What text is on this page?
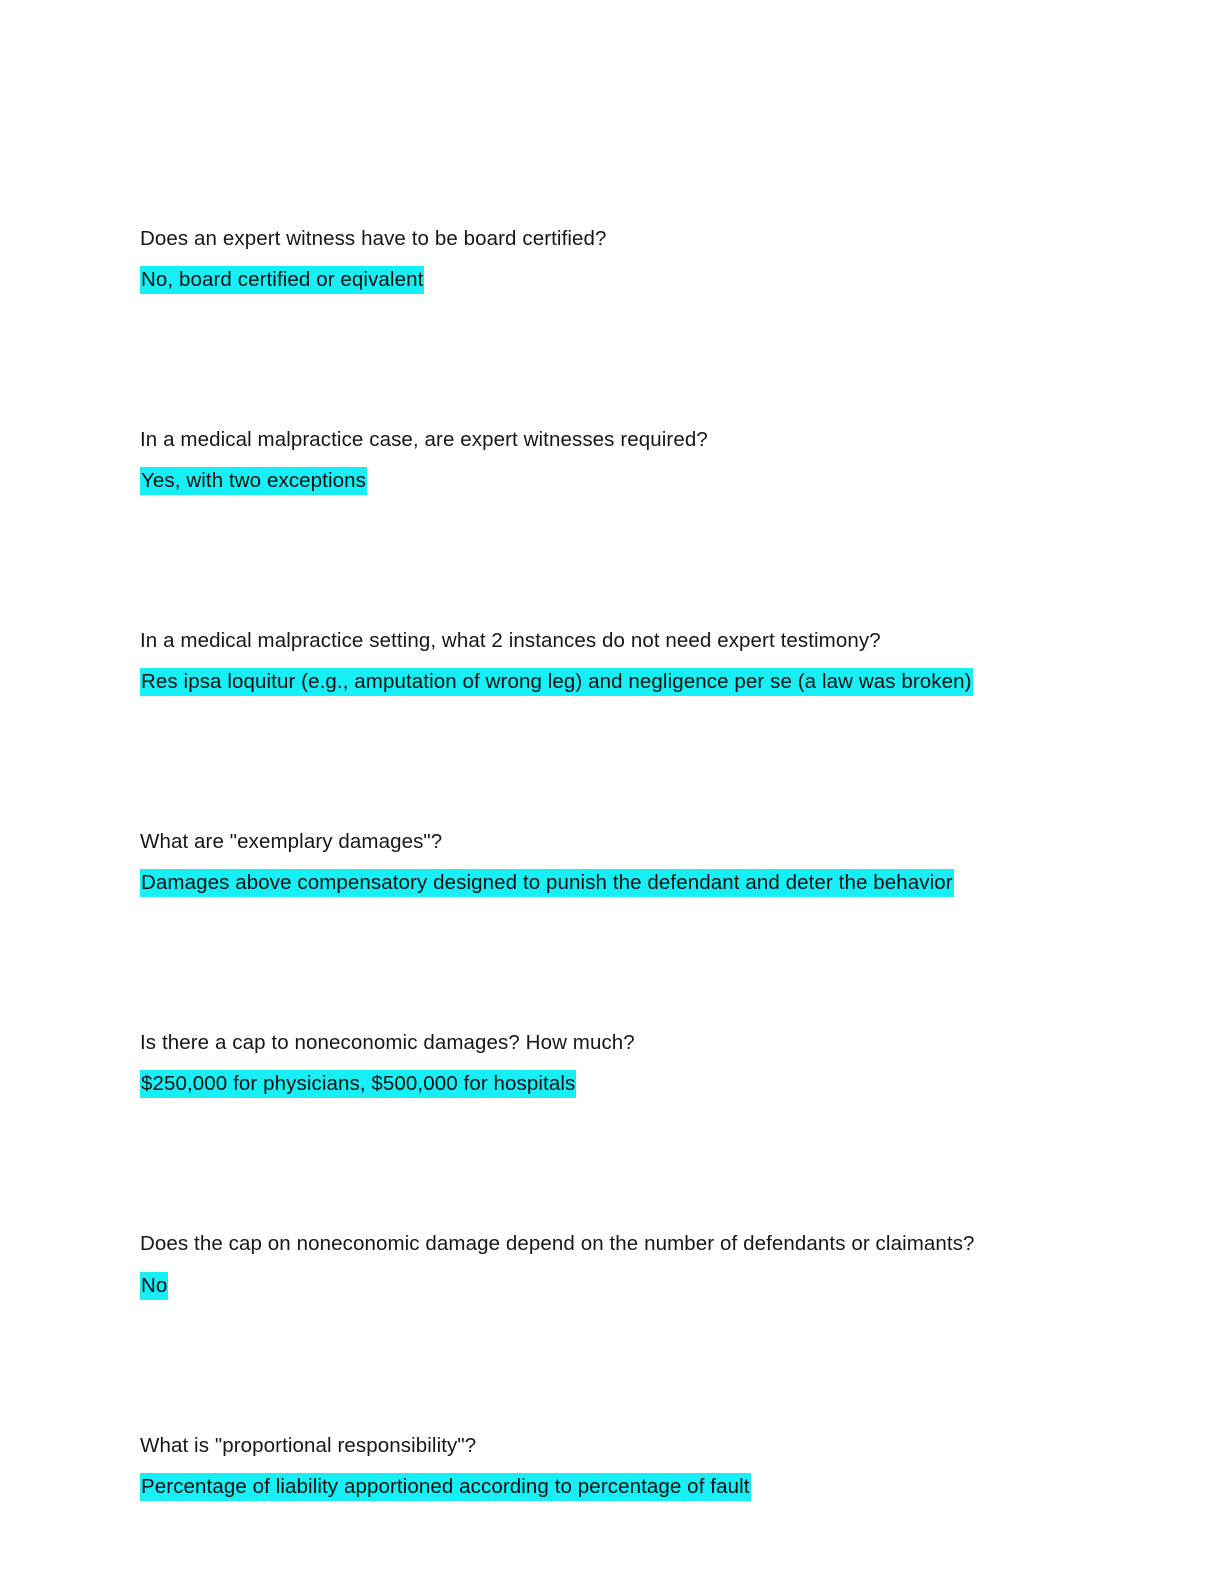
Does an expert witness have to be board certified?

No, board certified or eqivalent

In a medical malpractice case, are expert witnesses required?

Yes, with two exceptions

In a medical malpractice setting, what 2 instances do not need expert testimony?

Res ipsa loquitur (e.g., amputation of wrong leg) and negligence per se (a law was broken)

What are "exemplary damages"?

Damages above compensatory designed to punish the defendant and deter the behavior

Is there a cap to noneconomic damages? How much?

$250,000 for physicians, $500,000 for hospitals

Does the cap on noneconomic damage depend on the number of defendants or claimants?

No

What is "proportional responsibility"?

Percentage of liability apportioned according to percentage of fault
